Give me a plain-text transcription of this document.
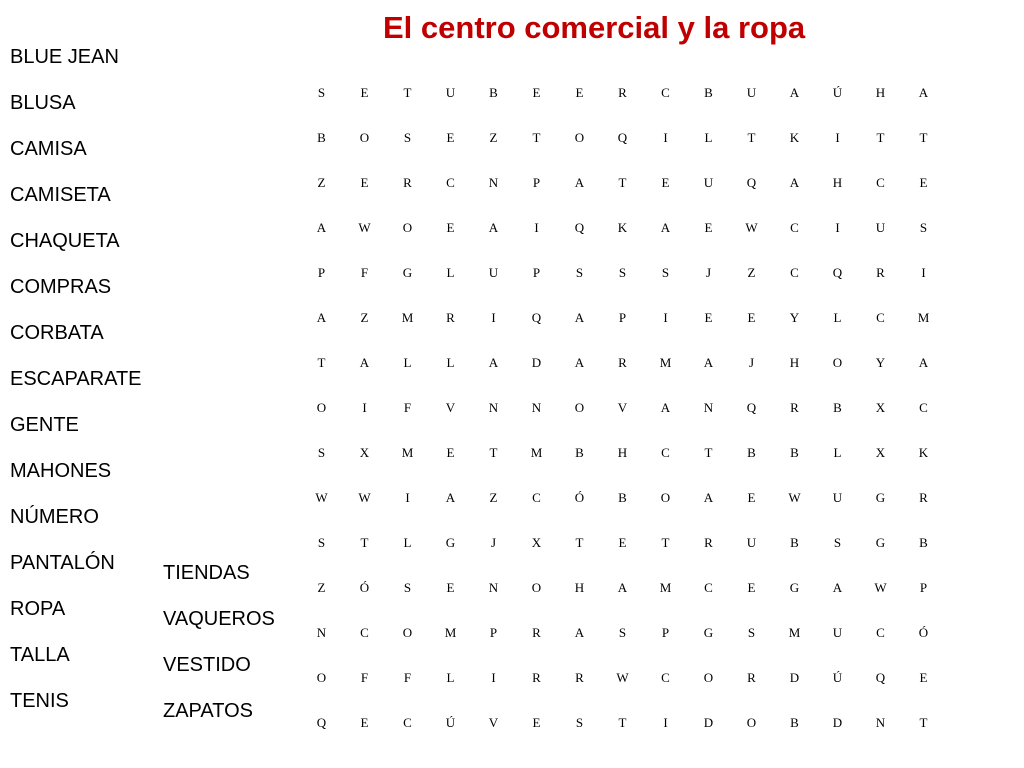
El centro comercial y la ropa
BLUE JEAN
BLUSA
CAMISA
CAMISETA
CHAQUETA
COMPRAS
CORBATA
ESCAPARATE
GENTE
MAHONES
NÚMERO
PANTALÓN
ROPA
TALLA
TENIS
TIENDAS
VAQUEROS
VESTIDO
ZAPATOS
S	E	T	U	B	E	E	R	C	B	U	A	Ú	H	A
B	O	S	E	Z	T	O	Q	I	L	T	K	I	T	T
Z	E	R	C	N	P	A	T	E	U	Q	A	H	C	E
A	W	O	E	A	I	Q	K	A	E	W	C	I	U	S
P	F	G	L	U	P	S	S	S	J	Z	C	Q	R	I
A	Z	M	R	I	Q	A	P	I	E	E	Y	L	C	M
T	A	L	L	A	D	A	R	M	A	J	H	O	Y	A
O	I	F	V	N	N	O	V	A	N	Q	R	B	X	C
S	X	M	E	T	M	B	H	C	T	B	B	L	X	K
W	W	I	A	Z	C	Ó	B	O	A	E	W	U	G	R
S	T	L	G	J	X	T	E	T	R	U	B	S	G	B
Z	Ó	S	E	N	O	H	A	M	C	E	G	A	W	P
N	C	O	M	P	R	A	S	P	G	S	M	U	C	Ó
O	F	F	L	I	R	R	W	C	O	R	D	Ú	Q	E
Q	E	C	Ú	V	E	S	T	I	D	O	B	D	N	T
